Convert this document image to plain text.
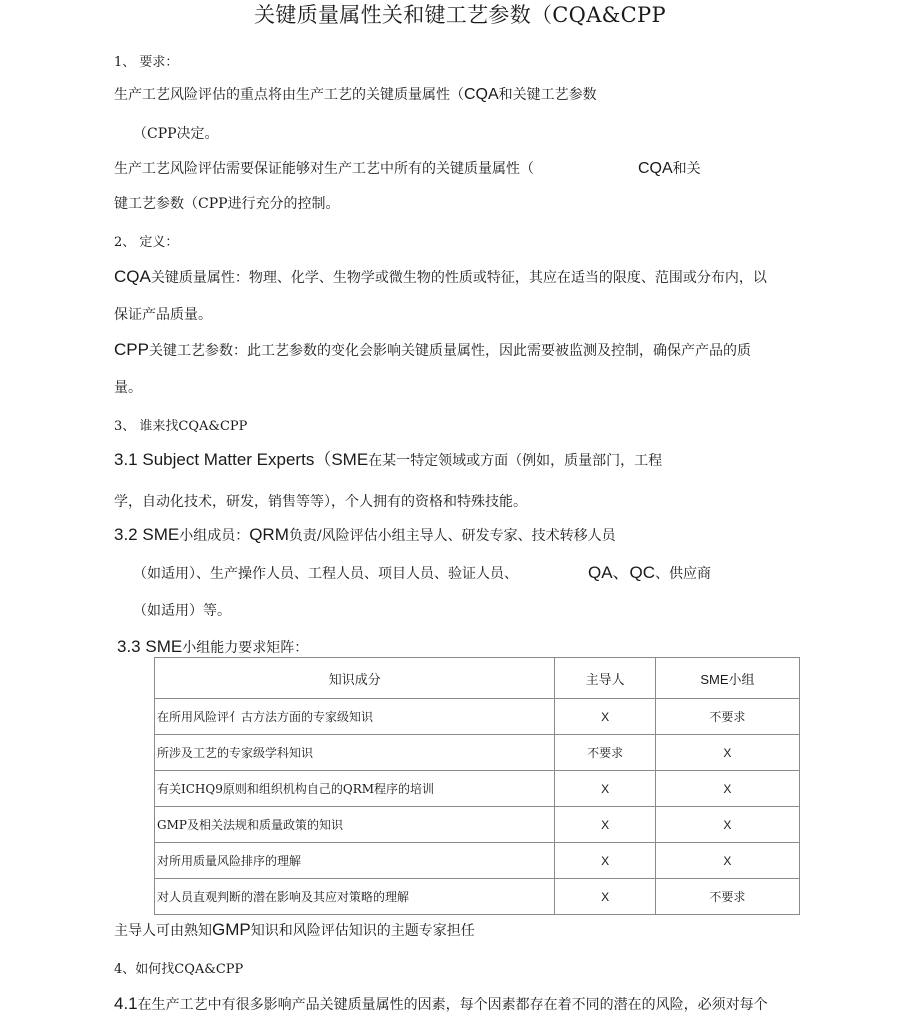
关键质量属性关和键工艺参数（CQA&CPP
1、 要求：
生产工艺风险评估的重点将由生产工艺的关键质量属性（CQA和关键工艺参数
（CPP决定。
生产工艺风险评估需要保证能够对生产工艺中所有的关键质量属性（	CQA和关
键工艺参数（CPP进行充分的控制。
2、 定义：
CQA关键质量属性：物理、化学、生物学或微生物的性质或特征，其应在适当的限度、范围或分布内，以
保证产品质量。
CPP关键工艺参数：此工艺参数的变化会影响关键质量属性，因此需要被监测及控制，确保产产品的质
量。
3、 谁来找CQA&CPP
3.1 Subject Matter Experts（SME在某一特定领域或方面（例如，质量部门，工程
学，自动化技术，研发，销售等等），个人拥有的资格和特殊技能。
3.2 SME小组成员：QRM负责/风险评估小组主导人、研发专家、技术转移人员
（如适用）、生产操作人员、工程人员、项目人员、验证人员、	QA、QC、供应商
（如适用）等。
3.3 SME小组能力要求矩阵：
知识成分	主导人	SME小组
在所用风险评亻古方法方面的专家级知识	X	不要求
所涉及工艺的专家级学科知识	不要求	X
有关ICHQ9原则和组织机构自己的QRM程序的培训	X	X
GMP及相关法规和质量政策的知识	X	X
对所用质量风险排序的理解	X	X
对人员直观判断的潜在影响及其应对策略的理解	X	不要求
主导人可由熟知GMP知识和风险评估知识的主题专家担任
4、如何找CQA&CPP
4.1在生产工艺中有很多影响产品关键质量属性的因素，每个因素都存在着不同的潜在的风险，必须对每个
